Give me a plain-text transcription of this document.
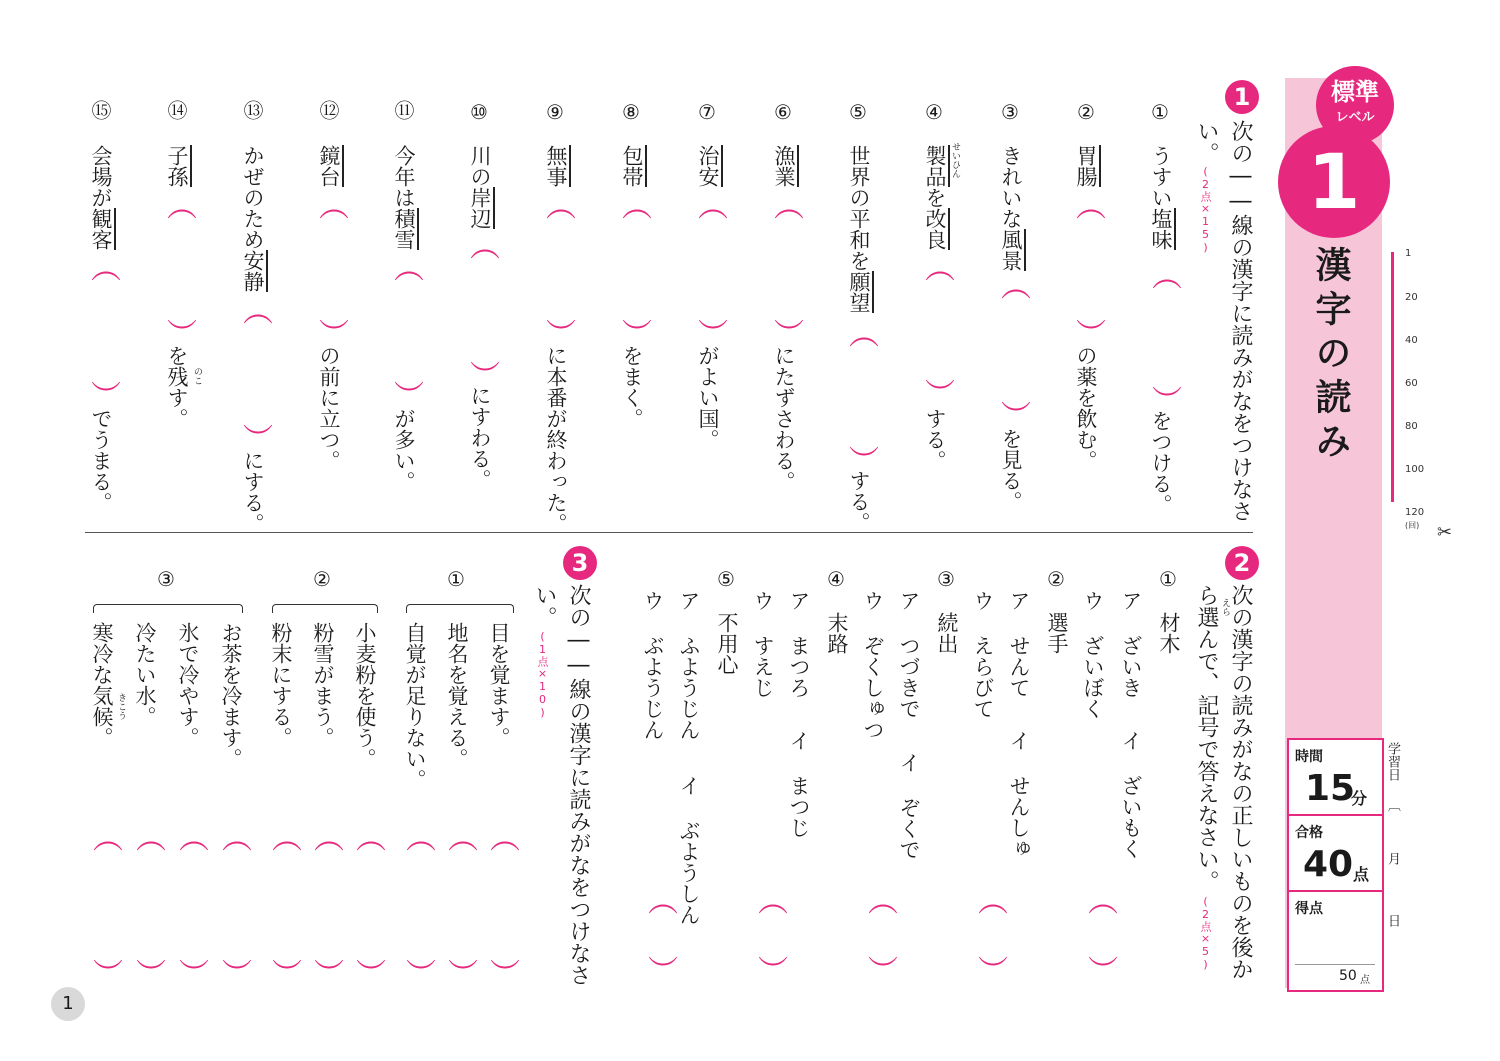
標準
レベル
1
漢字の読み	1
20
40
60
80
100
120
(回) ✂
時間
15
分
合格
40 点
得点
50 点
学習日
︹
月
日
1
次の――線の漢字に読みがなをつけなさ
い。
(2点×15)
①
うすい塩味
︵
︶
をつける。
②
胃腸
︵
︶
の薬を飲む。
③
きれいな風景
︵
︶
を見る。
④
せいひん
製品を改良
︵
︶
する。
⑤
世界の平和を願望
︵
︶
する。
⑥
漁業
︵
︶
にたずさわる。
⑦
治安
︵
︶
がよい国。
⑧
包帯
︵
︶
をまく。
⑨
無事
︵
︶
に本番が終わった。
⑩
川の岸辺
︵
︶
にすわる。
⑪
今年は積雪
︵
︶
が多い。
⑫
鏡台
︵
︶
の前に立つ。
⑬
かぜのため安静
︵
︶
にする。
⑭
子孫
︵
︶
を残す。 のこ
⑮
会場が観客
︵
︶
でうまる。
2
次の漢字の読みがなの正しいものを後か
ら選んで、記号で答えなさい。 えら
(2点×5)
①
材木
ア ざいき
イ ざいもく
ウ ざいぼく
︵
︶
②
選手
ア せんて
イ せんしゅ
ウ えらびて
︵
︶
③
続出
ア つづきで
イ ぞくで
ウ ぞくしゅつ
︵
︶
④
末路
ア まつろ
イ まつじ
ウ すえじ
︵
︶
⑤
不用心
ア ふようじん
イ ぶようしん
ウ ぶようじん
︵
︶
3
次の――線の漢字に読みがなをつけなさ
い。
(1点×10)
①
目を覚ます。
地名を覚える。
自覚が足りない。
②
小麦粉を使う。
粉雪がまう。
粉末にする。
③
お茶を冷ます。
氷で冷やす。
冷たい水。
寒冷な気候。 きこう
︵
︶
︵
︶
︵
︶
︵
︶
︵
︶
︵
︶
︵
︶
︵
︶
︵
︶
︵
︶
1
